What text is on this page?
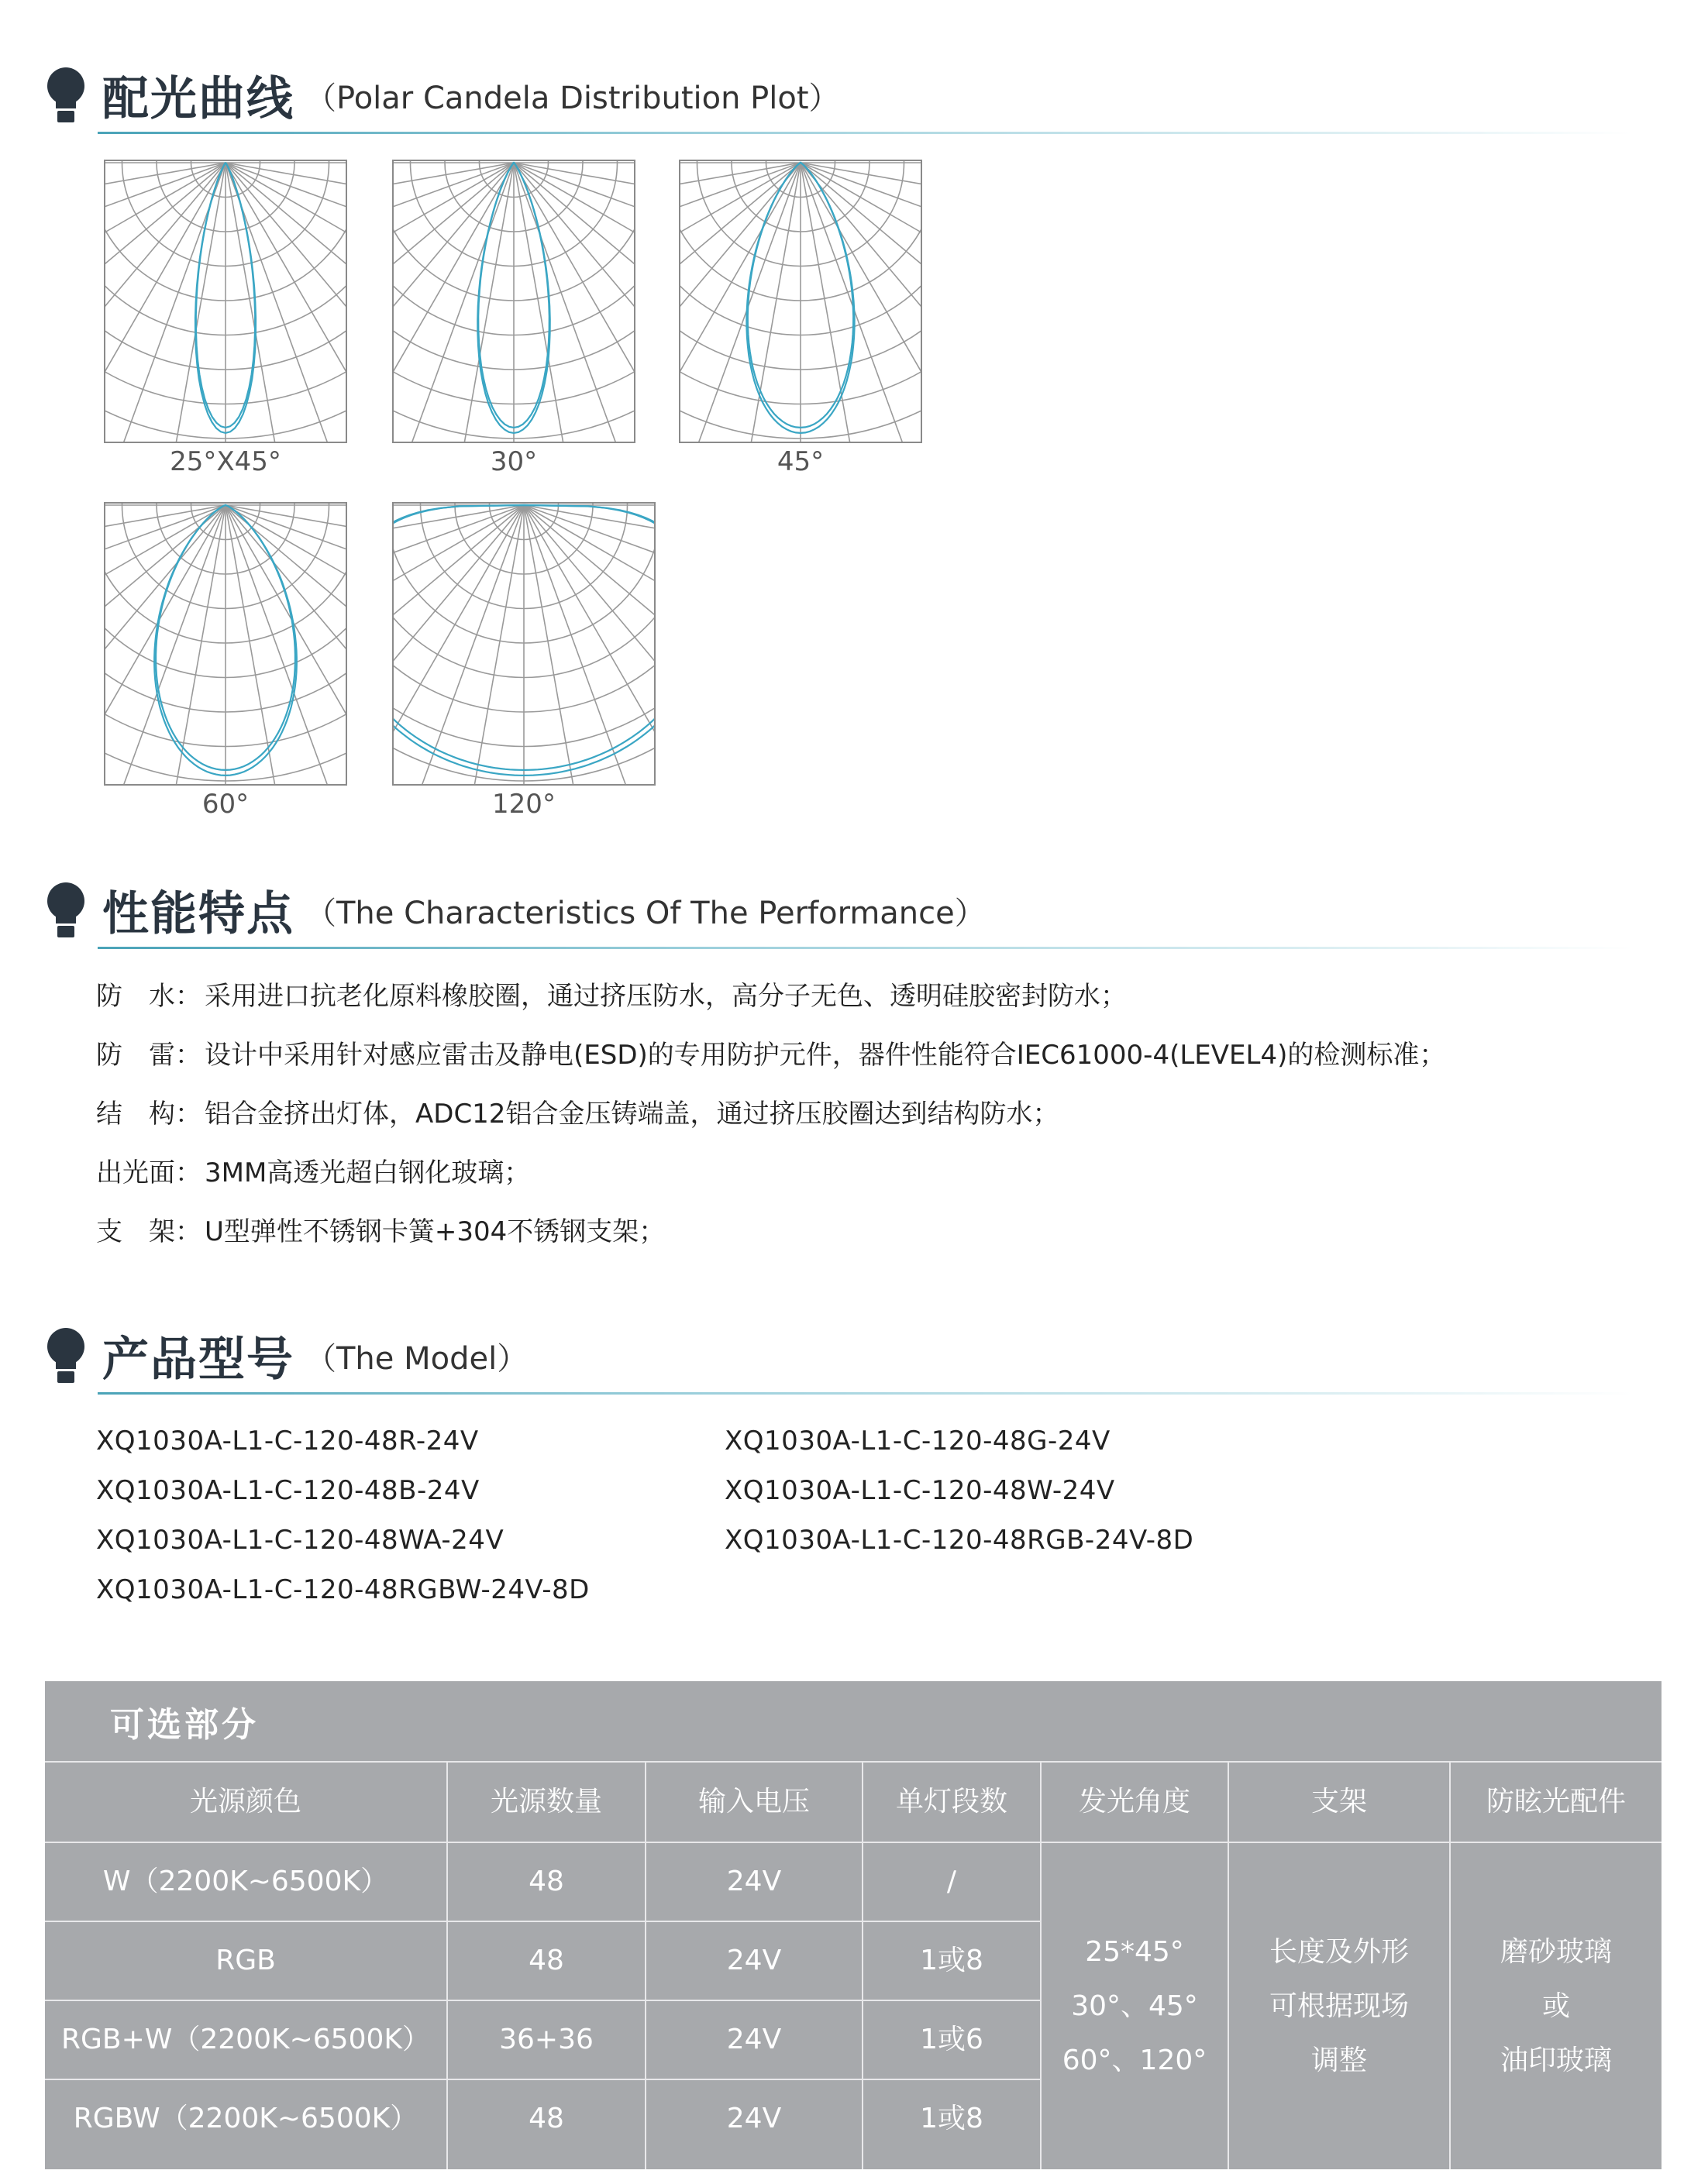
配光曲线 （Polar Candela Distribution Plot）
25°X45°	30°	45°
60°	120°
性能特点 （The Characteristics Of The Performance）
防　水： 采用进口抗老化原料橡胶圈，通过挤压防水，高分子无色、透明硅胶密封防水；
防　雷： 设计中采用针对感应雷击及静电(ESD)的专用防护元件，器件性能符合IEC61000-4(LEVEL4)的检测标准；
结　构： 铝合金挤出灯体，ADC12铝合金压铸端盖，通过挤压胶圈达到结构防水；
出光面： 3MM高透光超白钢化玻璃；
支　架： U型弹性不锈钢卡簧+304不锈钢支架；
产品型号 （The Model）
XQ1030A-L1-C-120-48R-24V
XQ1030A-L1-C-120-48B-24V
XQ1030A-L1-C-120-48WA-24V
XQ1030A-L1-C-120-48RGBW-24V-8D
XQ1030A-L1-C-120-48G-24V
XQ1030A-L1-C-120-48W-24V
XQ1030A-L1-C-120-48RGB-24V-8D
可选部分
光源颜色	光源数量	输入电压	单灯段数	发光角度	支架	防眩光配件
W（2200K~6500K）	48	24V	/
RGB	48	24V	1或8
RGB+W（2200K~6500K）	36+36	24V	1或6
RGBW（2200K~6500K）	48	24V	1或8
25*45°
30°、45°
60°、120°
长度及外形
可根据现场
调整
磨砂玻璃
或
油印玻璃
